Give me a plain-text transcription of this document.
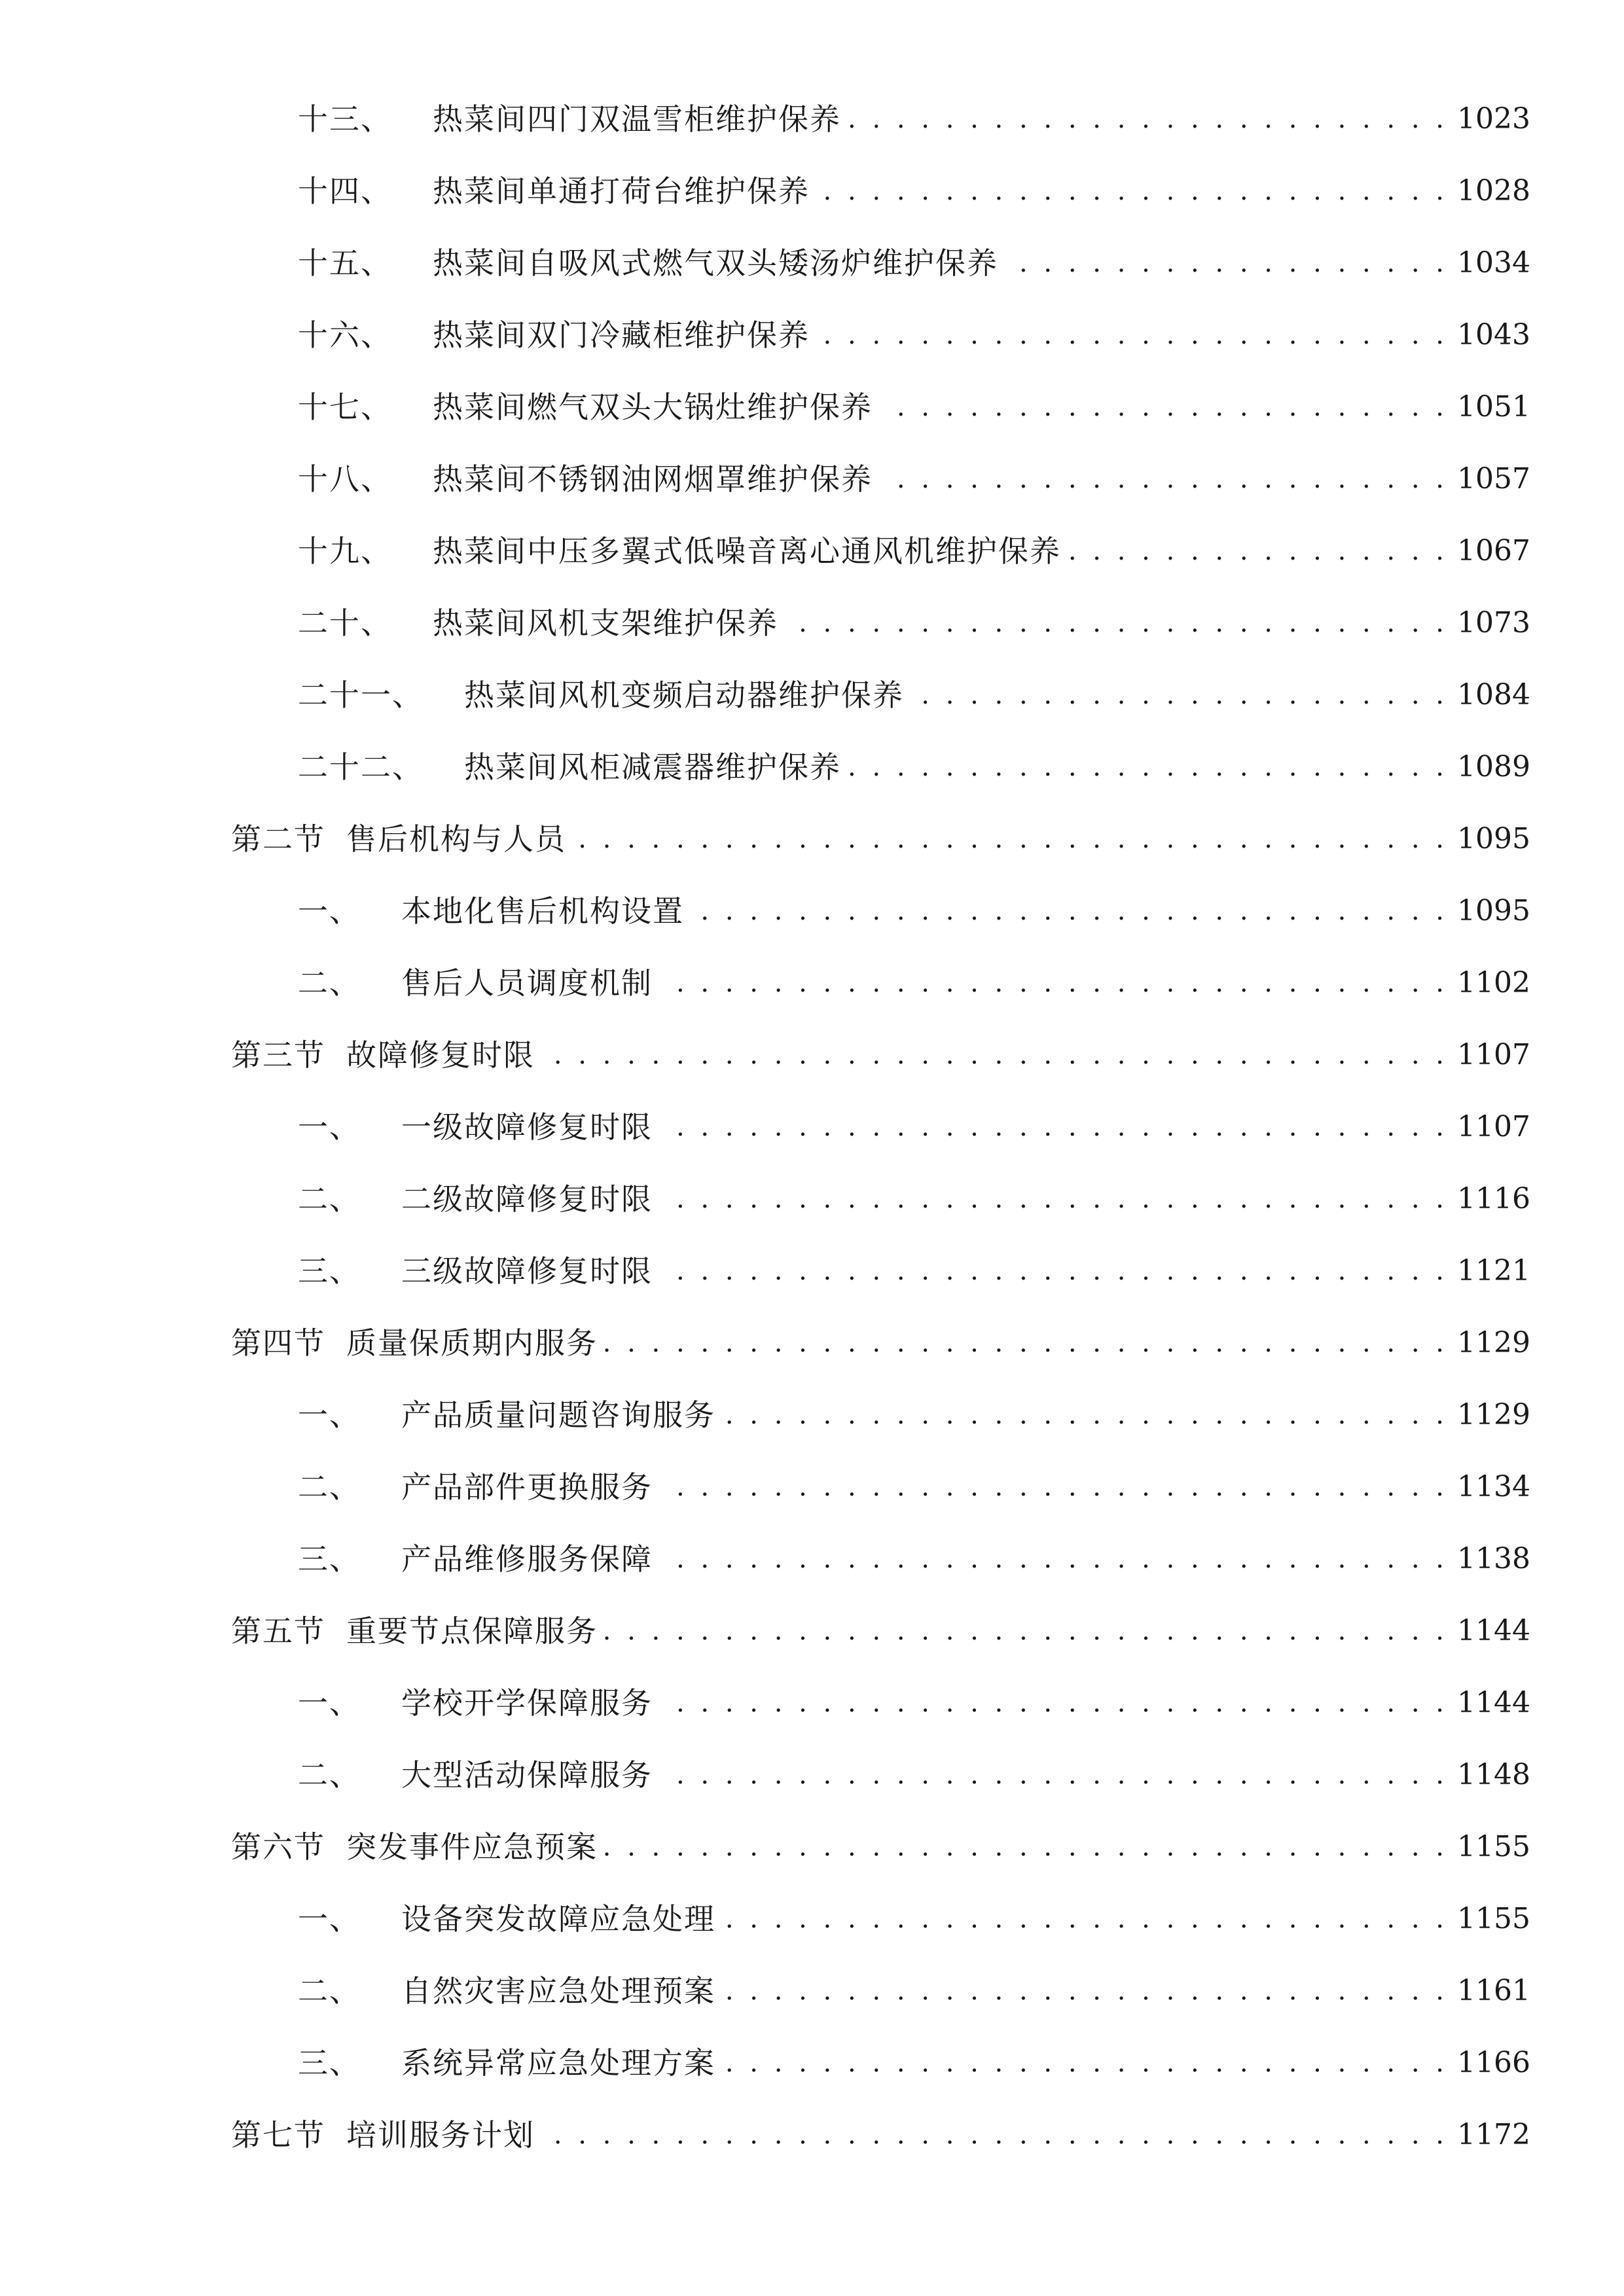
十三、 热菜间四门双温雪柜维护保养 . . .	1023
十四、 热菜间单通打荷台维护保养 . . .	1028
十五、 热菜间自吸风式燃气双头矮汤炉维护保养 . . .	1034
十六、 热菜间双门冷藏柜维护保养 . . .	1043
十七、 热菜间燃气双头大锅灶维护保养 . . .	1051
十八、 热菜间不锈钢油网烟罩维护保养 . . .	1057
十九、 热菜间中压多翼式低噪音离心通风机维护保养 . . .	1067
二十、 热菜间风机支架维护保养 . . .	1073
二十一、 热菜间风机变频启动器维护保养 . . .	1084
二十二、 热菜间风柜减震器维护保养 . . .	1089
第二节 售后机构与人员 . . .	1095
一、 本地化售后机构设置 . . .	1095
二、 售后人员调度机制 . . .	1102
第三节 故障修复时限 . . .	1107
一、 一级故障修复时限 . . .	1107
二、 二级故障修复时限 . . .	1116
三、 三级故障修复时限 . . .	1121
第四节 质量保质期内服务 . . .	1129
一、 产品质量问题咨询服务 . . .	1129
二、 产品部件更换服务 . . .	1134
三、 产品维修服务保障 . . .	1138
第五节 重要节点保障服务 . . .	1144
一、 学校开学保障服务 . . .	1144
二、 大型活动保障服务 . . .	1148
第六节 突发事件应急预案 . . .	1155
一、 设备突发故障应急处理 . . .	1155
二、 自然灾害应急处理预案 . . .	1161
三、 系统异常应急处理方案 . . .	1166
第七节 培训服务计划 . . .	1172
